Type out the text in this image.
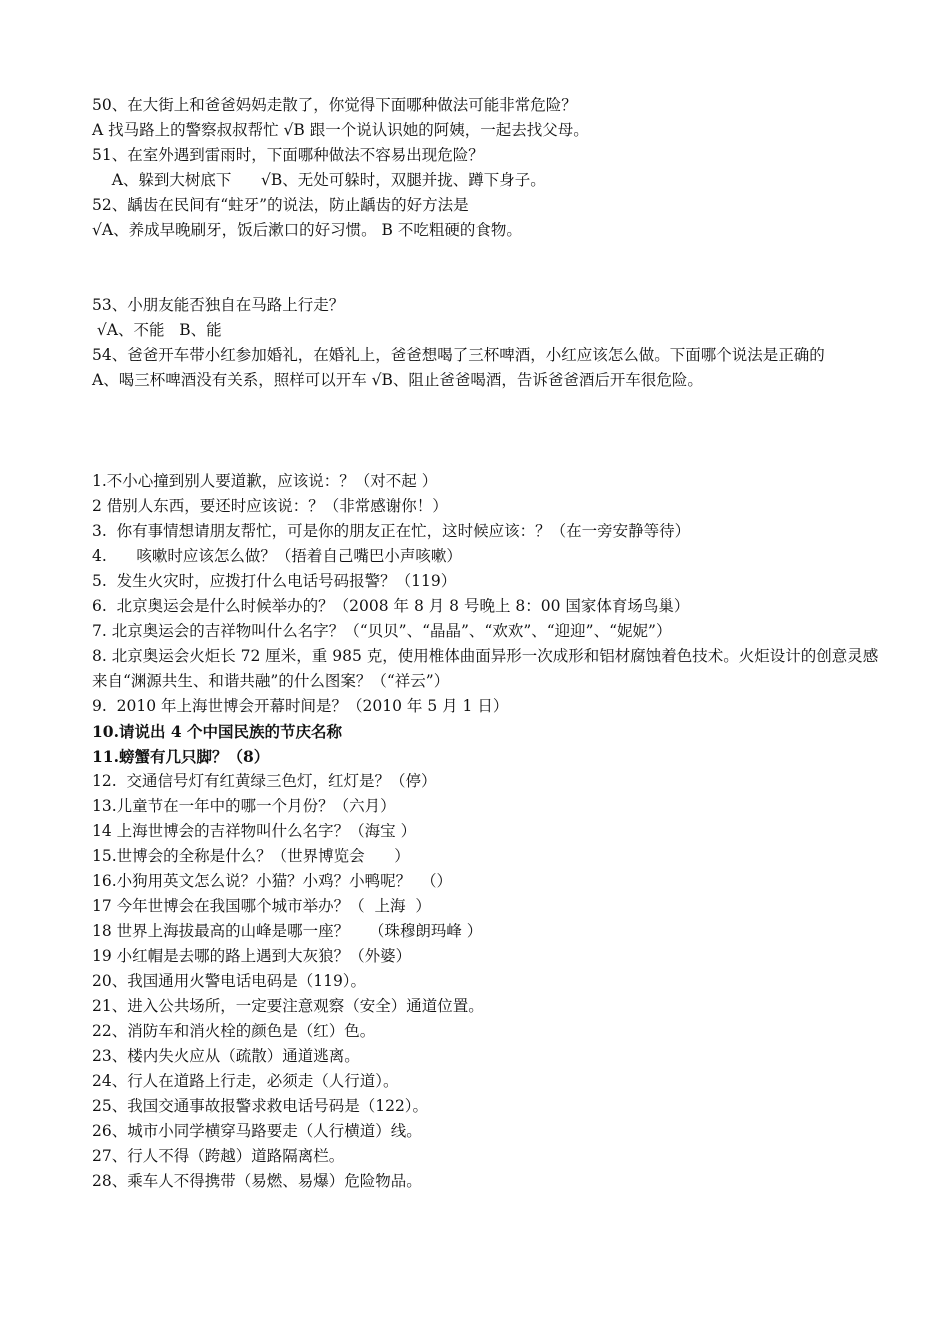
50、在大街上和爸爸妈妈走散了，你觉得下面哪种做法可能非常危险？
A 找马路上的警察叔叔帮忙 √B 跟一个说认识她的阿姨，一起去找父母。
51、在室外遇到雷雨时，下面哪种做法不容易出现危险？
A、躲到大树底下      √B、无处可躲时，双腿并拢、蹲下身子。
52、龋齿在民间有“蛀牙”的说法，防止龋齿的好方法是
√A、养成早晚刷牙，饭后漱口的好习惯。 B 不吃粗硬的食物。
53、小朋友能否独自在马路上行走？
√A、不能   B、能
54、爸爸开车带小红参加婚礼，在婚礼上，爸爸想喝了三杯啤酒，小红应该怎么做。下面哪个说法是正确的
A、喝三杯啤酒没有关系，照样可以开车 √B、阻止爸爸喝酒，告诉爸爸酒后开车很危险。
1.不小心撞到别人要道歉，应该说：？（对不起 ）
2 借别人东西，要还时应该说：？（非常感谢你！）
3.  你有事情想请朋友帮忙，可是你的朋友正在忙，这时候应该：？（在一旁安静等待）
4.      咳嗽时应该怎么做？（捂着自己嘴巴小声咳嗽）
5.  发生火灾时，应拨打什么电话号码报警？（119）
6.  北京奥运会是什么时候举办的？（2008 年 8 月 8 号晚上 8：00 国家体育场鸟巢）
7. 北京奥运会的吉祥物叫什么名字？（“贝贝”、“晶晶”、“欢欢”、“迎迎”、“妮妮”）
8. 北京奥运会火炬长 72 厘米，重 985 克，使用椎体曲面异形一次成形和铝材腐蚀着色技术。火炬设计的创意灵感来自“渊源共生、和谐共融”的什么图案？（“祥云”）
9.  2010 年上海世博会开幕时间是？（2010 年 5 月 1 日）
10.请说出 4 个中国民族的节庆名称
11.螃蟹有几只脚？（8）
12.  交通信号灯有红黄绿三色灯，红灯是？（停）
13.儿童节在一年中的哪一个月份？（六月）
14 上海世博会的吉祥物叫什么名字？（海宝 ）
15.世博会的全称是什么？（世界博览会      ）
16.小狗用英文怎么说？小猫？小鸡？小鸭呢？  （）
17 今年世博会在我国哪个城市举办？（  上海  ）
18 世界上海拔最高的山峰是哪一座？    （珠穆朗玛峰 ）
19 小红帽是去哪的路上遇到大灰狼？（外婆）
20、我国通用火警电话电码是（119）。
21、进入公共场所，一定要注意观察（安全）通道位置。
22、消防车和消火栓的颜色是（红）色。
23、楼内失火应从（疏散）通道逃离。
24、行人在道路上行走，必须走（人行道）。
25、我国交通事故报警求救电话号码是（122）。
26、城市小同学横穿马路要走（人行横道）线。
27、行人不得（跨越）道路隔离栏。
28、乘车人不得携带（易燃、易爆）危险物品。
